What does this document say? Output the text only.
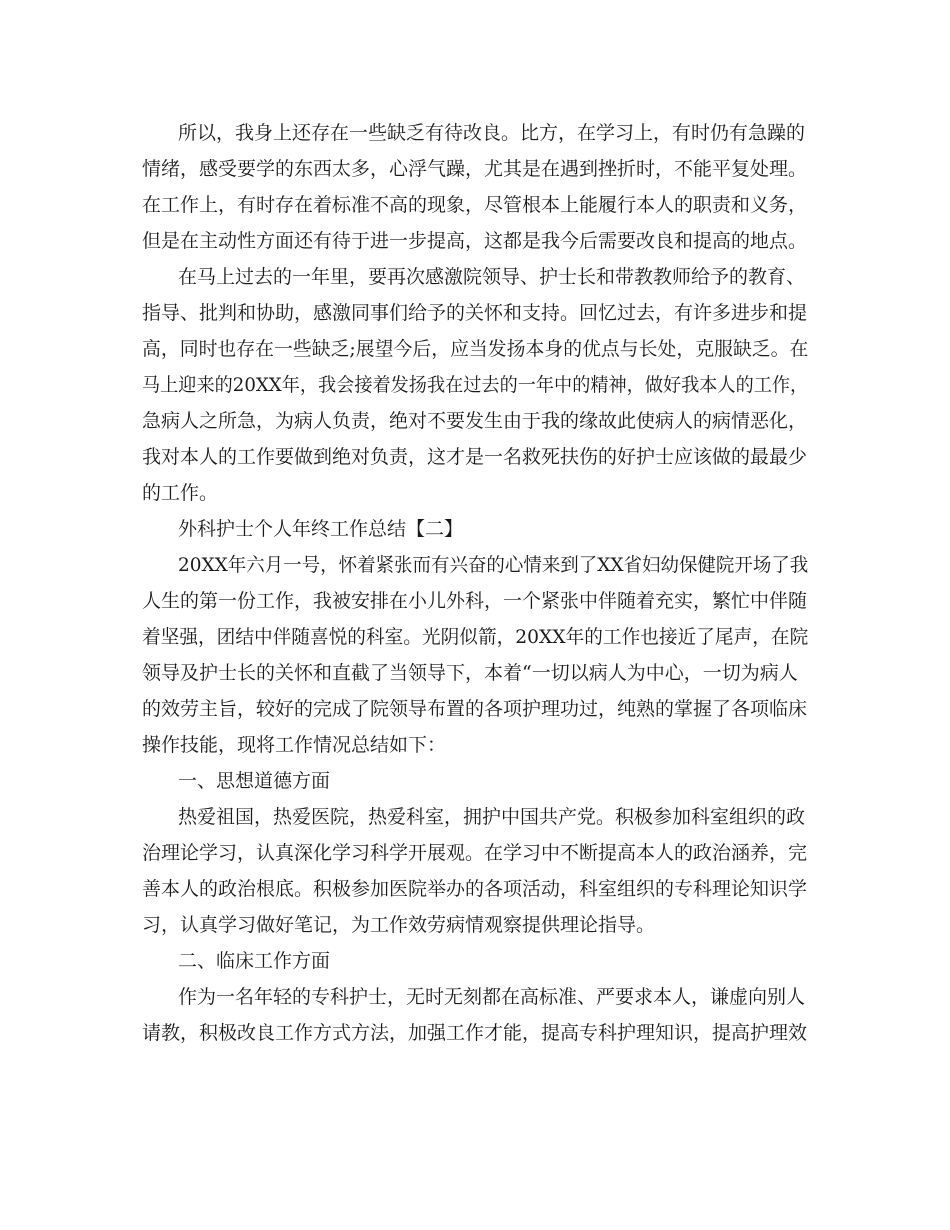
所以，我身上还存在一些缺乏有待改良。比方，在学习上，有时仍有急躁的

情绪，感受要学的东西太多，心浮气躁，尤其是在遇到挫折时，不能平复处理。

在工作上，有时存在着标准不高的现象，尽管根本上能履行本人的职责和义务，

但是在主动性方面还有待于进一步提高，这都是我今后需要改良和提高的地点。

在马上过去的一年里，要再次感激院领导、护士长和带教教师给予的教育、

指导、批判和协助，感激同事们给予的关怀和支持。回忆过去，有许多进步和提

高，同时也存在一些缺乏;展望今后，应当发扬本身的优点与长处，克服缺乏。在

马上迎来的20XX年，我会接着发扬我在过去的一年中的精神，做好我本人的工作，

急病人之所急，为病人负责，绝对不要发生由于我的缘故此使病人的病情恶化，

我对本人的工作要做到绝对负责，这才是一名救死扶伤的好护士应该做的最最少

的工作。

外科护士个人年终工作总结【二】

20XX年六月一号，怀着紧张而有兴奋的心情来到了XX省妇幼保健院开场了我

人生的第一份工作，我被安排在小儿外科，一个紧张中伴随着充实，繁忙中伴随

着坚强，团结中伴随喜悦的科室。光阴似箭，20XX年的工作也接近了尾声，在院

领导及护士长的关怀和直截了当领导下，本着“一切以病人为中心，一切为病人

的效劳主旨，较好的完成了院领导布置的各项护理功过，纯熟的掌握了各项临床

操作技能，现将工作情况总结如下：

一、思想道德方面

热爱祖国，热爱医院，热爱科室，拥护中国共产党。积极参加科室组织的政

治理论学习，认真深化学习科学开展观。在学习中不断提高本人的政治涵养，完

善本人的政治根底。积极参加医院举办的各项活动，科室组织的专科理论知识学

习，认真学习做好笔记，为工作效劳病情观察提供理论指导。

二、临床工作方面

作为一名年轻的专科护士，无时无刻都在高标准、严要求本人，谦虚向别人

请教，积极改良工作方式方法，加强工作才能，提高专科护理知识，提高护理效
